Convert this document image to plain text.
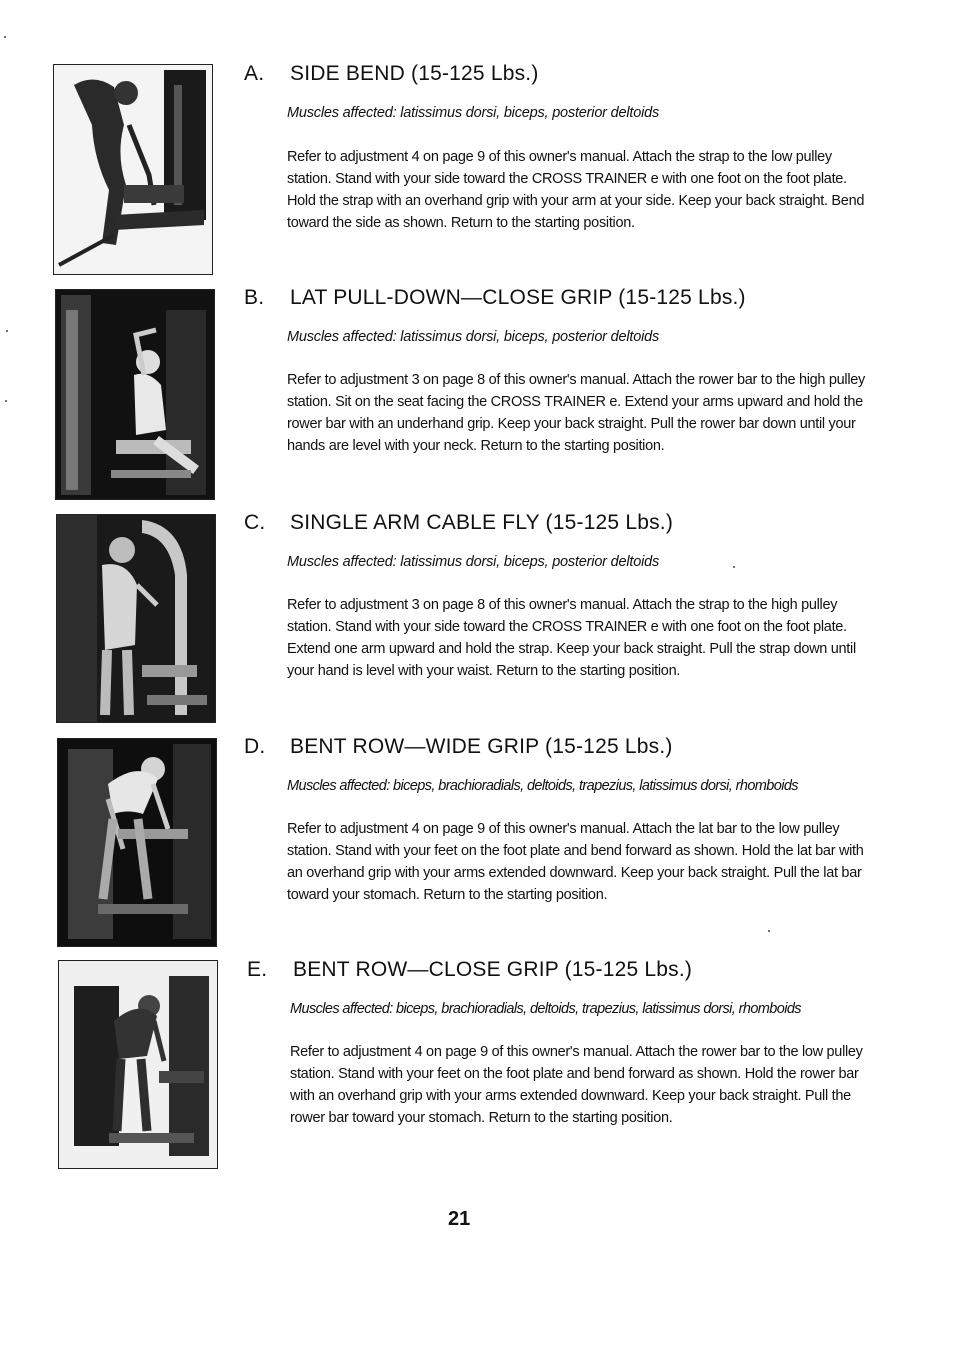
A. SIDE BEND (15-125 Lbs.)
Muscles affected: latissimus dorsi, biceps, posterior deltoids

Refer to adjustment 4 on page 9 of this owner's manual. Attach the strap to the low pulley station. Stand with your side toward the CROSS TRAINER e with one foot on the foot plate. Hold the strap with an overhand grip with your arm at your side. Keep your back straight. Bend toward the side as shown. Return to the starting position.

B. LAT PULL-DOWN—CLOSE GRIP (15-125 Lbs.)
Muscles affected: latissimus dorsi, biceps, posterior deltoids

Refer to adjustment 3 on page 8 of this owner's manual. Attach the rower bar to the high pulley station. Sit on the seat facing the CROSS TRAINER e. Extend your arms upward and hold the rower bar with an underhand grip. Keep your back straight. Pull the rower bar down until your hands are level with your neck. Return to the starting position.

C. SINGLE ARM CABLE FLY (15-125 Lbs.)
Muscles affected: latissimus dorsi, biceps, posterior deltoids

Refer to adjustment 3 on page 8 of this owner's manual. Attach the strap to the high pulley station. Stand with your side toward the CROSS TRAINER e with one foot on the foot plate. Extend one arm upward and hold the strap. Keep your back straight. Pull the strap down until your hand is level with your waist. Return to the starting position.

D. BENT ROW—WIDE GRIP (15-125 Lbs.)
Muscles affected: biceps, brachioradials, deltoids, trapezius, latissimus dorsi, rhomboids

Refer to adjustment 4 on page 9 of this owner's manual. Attach the lat bar to the low pulley station. Stand with your feet on the foot plate and bend forward as shown. Hold the lat bar with an overhand grip with your arms extended downward. Keep your back straight. Pull the lat bar toward your stomach. Return to the starting position.

E. BENT ROW—CLOSE GRIP (15-125 Lbs.)
Muscles affected: biceps, brachioradials, deltoids, trapezius, latissimus dorsi, rhomboids

Refer to adjustment 4 on page 9 of this owner's manual. Attach the rower bar to the low pulley station. Stand with your feet on the foot plate and bend forward as shown. Hold the rower bar with an overhand grip with your arms extended downward. Keep your back straight. Pull the rower bar toward your stomach. Return to the starting position.

21
